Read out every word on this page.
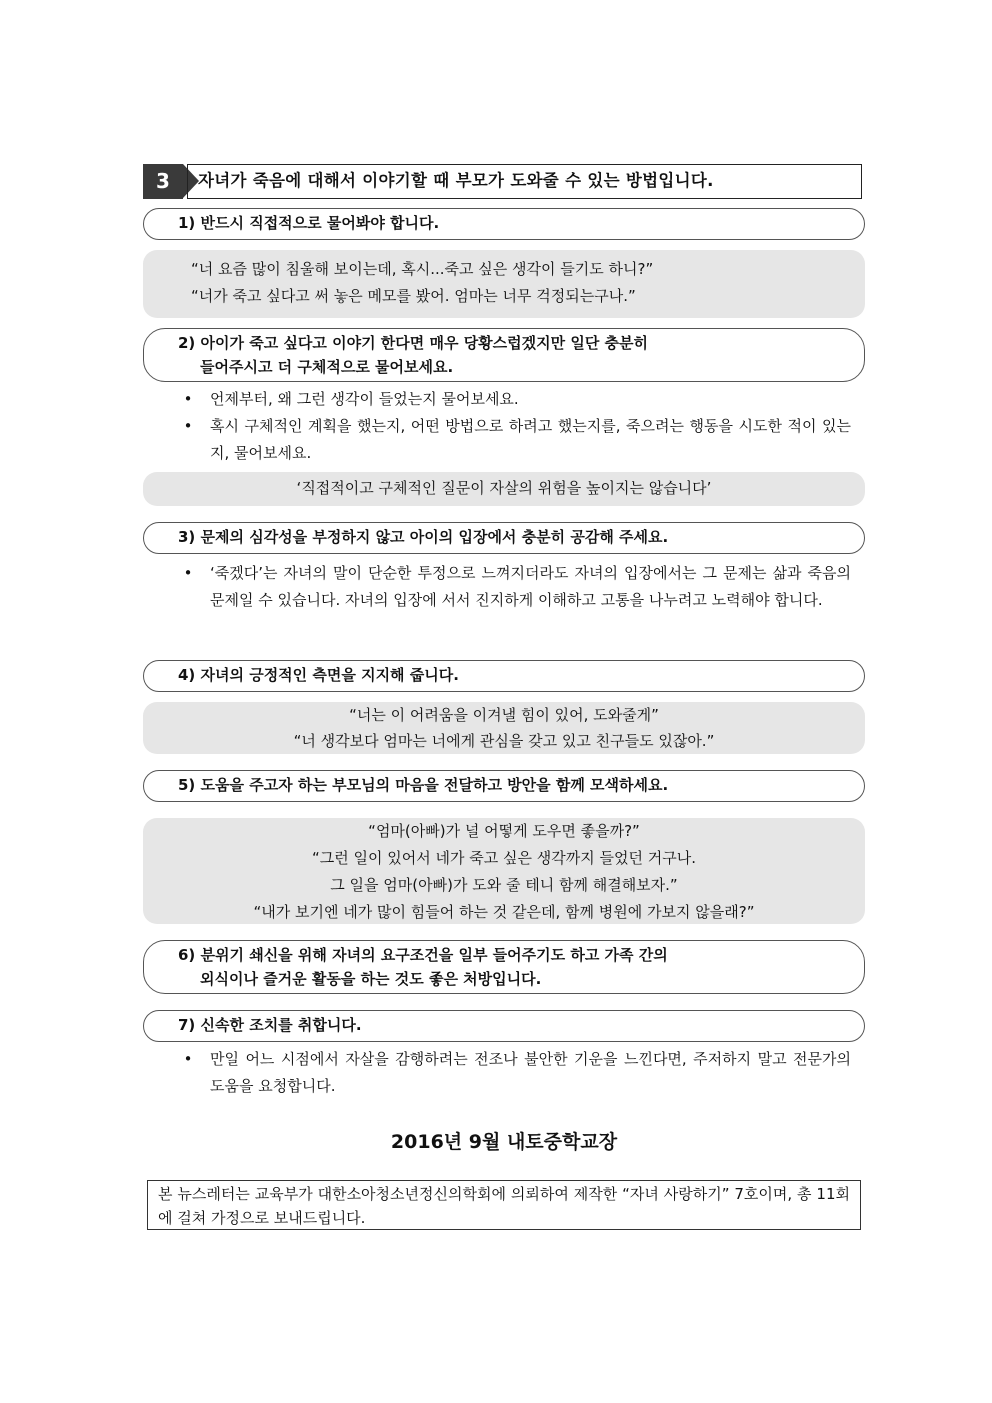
3	자녀가 죽음에 대해서 이야기할 때 부모가 도와줄 수 있는 방법입니다.
1) 반드시 직접적으로 물어봐야 합니다.
“너 요즘 많이 침울해 보이는데, 혹시...죽고 싶은 생각이 들기도 하니?”
“너가 죽고 싶다고 써 놓은 메모를 봤어. 엄마는 너무 걱정되는구나.”
2) 아이가 죽고 싶다고 이야기 한다면 매우 당황스럽겠지만 일단 충분히
들어주시고 더 구체적으로 물어보세요.
• 언제부터, 왜 그런 생각이 들었는지 물어보세요.
• 혹시 구체적인 계획을 했는지, 어떤 방법으로 하려고 했는지를, 죽으려는 행동을 시도한 적이 있는지, 물어보세요.
‘직접적이고 구체적인 질문이 자살의 위험을 높이지는 않습니다’
3) 문제의 심각성을 부정하지 않고 아이의 입장에서 충분히 공감해 주세요.
• ‘죽겠다’는 자녀의 말이 단순한 투정으로 느껴지더라도 자녀의 입장에서는 그 문제는 삶과 죽음의 문제일 수 있습니다. 자녀의 입장에 서서 진지하게 이해하고 고통을 나누려고 노력해야 합니다.
4) 자녀의 긍정적인 측면을 지지해 줍니다.
“너는 이 어려움을 이겨낼 힘이 있어, 도와줄게”
“너 생각보다 엄마는 너에게 관심을 갖고 있고 친구들도 있잖아.”
5) 도움을 주고자 하는 부모님의 마음을 전달하고 방안을 함께 모색하세요.
“엄마(아빠)가 널 어떻게 도우면 좋을까?”
“그런 일이 있어서 네가 죽고 싶은 생각까지 들었던 거구나.
그 일을 엄마(아빠)가 도와 줄 테니 함께 해결해보자.”
“내가 보기엔 네가 많이 힘들어 하는 것 같은데, 함께 병원에 가보지 않을래?”
6) 분위기 쇄신을 위해 자녀의 요구조건을 일부 들어주기도 하고 가족 간의
외식이나 즐거운 활동을 하는 것도 좋은 처방입니다.
7) 신속한 조치를 취합니다.
• 만일 어느 시점에서 자살을 감행하려는 전조나 불안한 기운을 느낀다면, 주저하지 말고 전문가의 도움을 요청합니다.
2016년 9월 내토중학교장
본 뉴스레터는 교육부가 대한소아청소년정신의학회에 의뢰하여 제작한 “자녀 사랑하기” 7호이며, 총 11회에 걸쳐 가정으로 보내드립니다.
